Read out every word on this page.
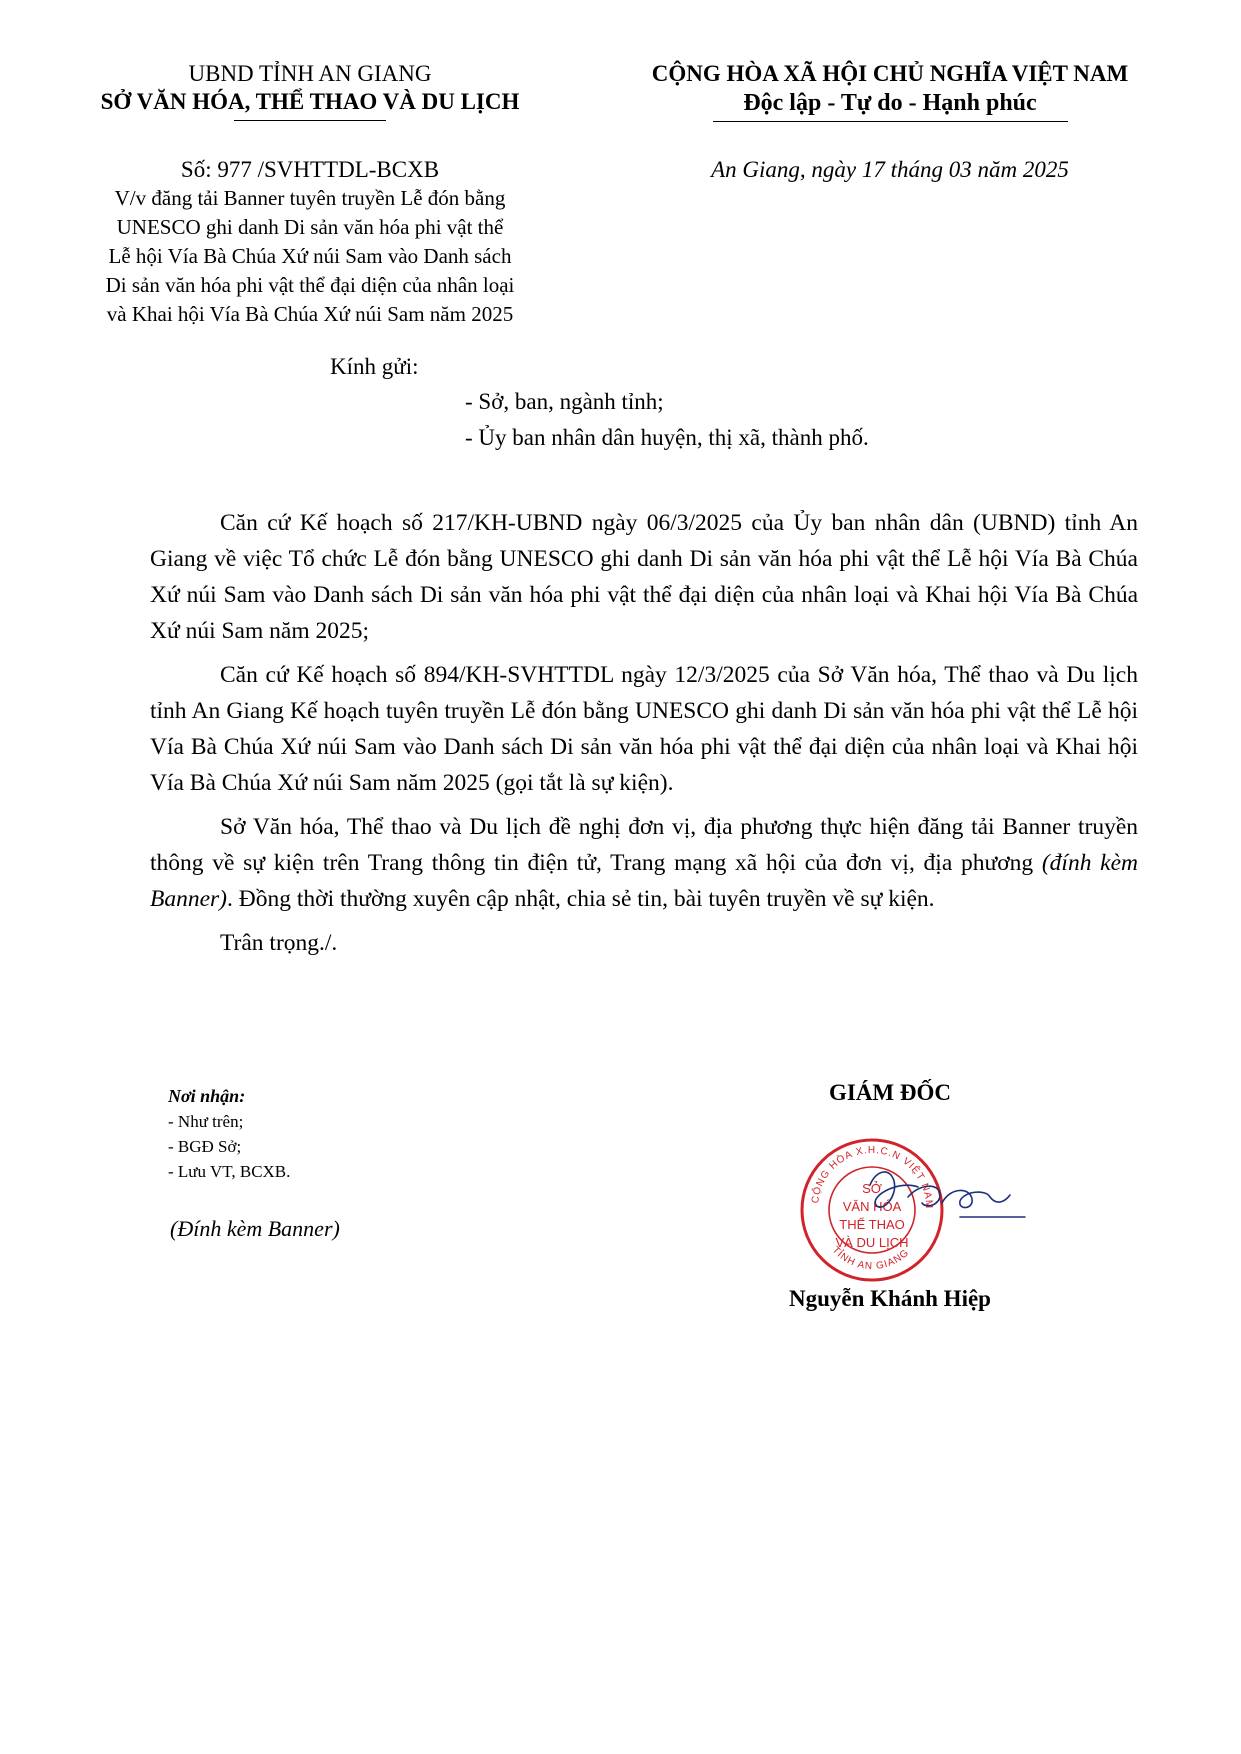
UBND TỈNH AN GIANG
SỞ VĂN HÓA, THỂ THAO VÀ DU LỊCH
CỘNG HÒA XÃ HỘI CHỦ NGHĨA VIỆT NAM
Độc lập - Tự do - Hạnh phúc
Số: 977 /SVHTTDL-BCXB	An Giang, ngày 17 tháng 03 năm 2025
V/v đăng tải Banner tuyên truyền Lễ đón bằng
UNESCO ghi danh Di sản văn hóa phi vật thể
Lễ hội Vía Bà Chúa Xứ núi Sam vào Danh sách
Di sản văn hóa phi vật thể đại diện của nhân loại
và Khai hội Vía Bà Chúa Xứ núi Sam năm 2025
Kính gửi:
- Sở, ban, ngành tỉnh;
- Ủy ban nhân dân huyện, thị xã, thành phố.

Căn cứ Kế hoạch số 217/KH-UBND ngày 06/3/2025 của Ủy ban nhân dân (UBND) tỉnh An Giang về việc Tổ chức Lễ đón bằng UNESCO ghi danh Di sản văn hóa phi vật thể Lễ hội Vía Bà Chúa Xứ núi Sam vào Danh sách Di sản văn hóa phi vật thể đại diện của nhân loại và Khai hội Vía Bà Chúa Xứ núi Sam năm 2025;

Căn cứ Kế hoạch số 894/KH-SVHTTDL ngày 12/3/2025 của Sở Văn hóa, Thể thao và Du lịch tỉnh An Giang Kế hoạch tuyên truyền Lễ đón bằng UNESCO ghi danh Di sản văn hóa phi vật thể Lễ hội Vía Bà Chúa Xứ núi Sam vào Danh sách Di sản văn hóa phi vật thể đại diện của nhân loại và Khai hội Vía Bà Chúa Xứ núi Sam năm 2025 (gọi tắt là sự kiện).

Sở Văn hóa, Thể thao và Du lịch đề nghị đơn vị, địa phương thực hiện đăng tải Banner truyền thông về sự kiện trên Trang thông tin điện tử, Trang mạng xã hội của đơn vị, địa phương (đính kèm Banner). Đồng thời thường xuyên cập nhật, chia sẻ tin, bài tuyên truyền về sự kiện.

Trân trọng./.

Nơi nhận:
- Như trên;
- BGĐ Sở;
- Lưu VT, BCXB.
(Đính kèm Banner)
GIÁM ĐỐC
CỘNG HÒA X.H.C.N VIỆT NAM
TỈNH AN GIANG
SỞ
VĂN HÓA
THỂ THAO
VÀ DU LỊCH
Nguyễn Khánh Hiệp
